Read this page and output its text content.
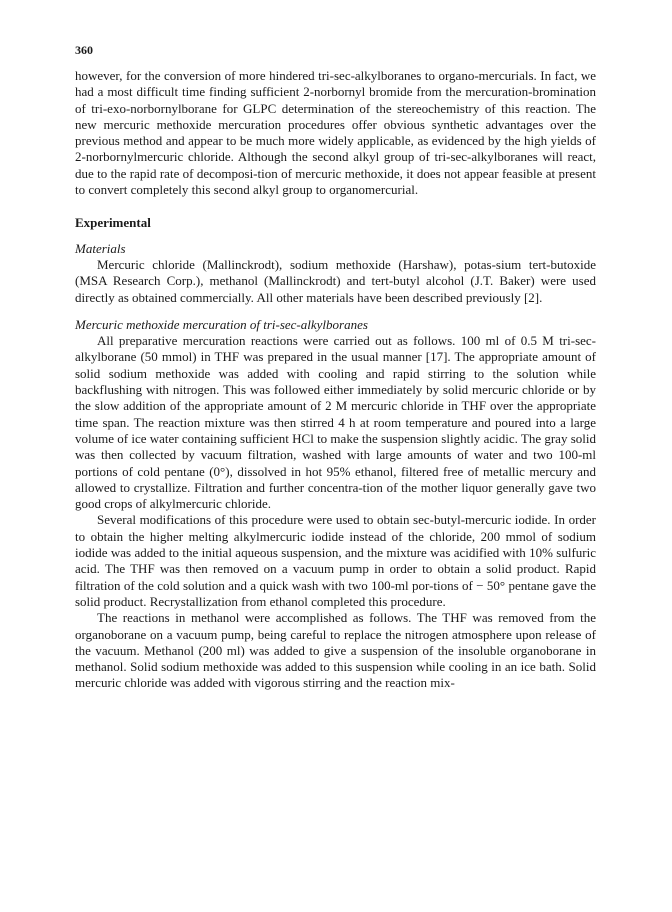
360

however, for the conversion of more hindered tri-sec-alkylboranes to organo-mercurials. In fact, we had a most difficult time finding sufficient 2-norbornyl bromide from the mercuration-bromination of tri-exo-norbornylborane for GLPC determination of the stereochemistry of this reaction. The new mercuric methoxide mercuration procedures offer obvious synthetic advantages over the previous method and appear to be much more widely applicable, as evidenced by the high yields of 2-norbornylmercuric chloride. Although the second alkyl group of tri-sec-alkylboranes will react, due to the rapid rate of decomposi-tion of mercuric methoxide, it does not appear feasible at present to convert completely this second alkyl group to organomercurial.

Experimental

Materials

Mercuric chloride (Mallinckrodt), sodium methoxide (Harshaw), potas-sium tert-butoxide (MSA Research Corp.), methanol (Mallinckrodt) and tert-butyl alcohol (J.T. Baker) were used directly as obtained commercially. All other materials have been described previously [2].

Mercuric methoxide mercuration of tri-sec-alkylboranes

All preparative mercuration reactions were carried out as follows. 100 ml of 0.5 M tri-sec-alkylborane (50 mmol) in THF was prepared in the usual manner [17]. The appropriate amount of solid sodium methoxide was added with cooling and rapid stirring to the solution while backflushing with nitrogen. This was followed either immediately by solid mercuric chloride or by the slow addition of the appropriate amount of 2 M mercuric chloride in THF over the appropriate time span. The reaction mixture was then stirred 4 h at room temperature and poured into a large volume of ice water containing sufficient HCl to make the suspension slightly acidic. The gray solid was then collected by vacuum filtration, washed with large amounts of water and two 100-ml portions of cold pentane (0°), dissolved in hot 95% ethanol, filtered free of metallic mercury and allowed to crystallize. Filtration and further concentra-tion of the mother liquor generally gave two good crops of alkylmercuric chloride.

Several modifications of this procedure were used to obtain sec-butyl-mercuric iodide. In order to obtain the higher melting alkylmercuric iodide instead of the chloride, 200 mmol of sodium iodide was added to the initial aqueous suspension, and the mixture was acidified with 10% sulfuric acid. The THF was then removed on a vacuum pump in order to obtain a solid product. Rapid filtration of the cold solution and a quick wash with two 100-ml por-tions of − 50° pentane gave the solid product. Recrystallization from ethanol completed this procedure.

The reactions in methanol were accomplished as follows. The THF was removed from the organoborane on a vacuum pump, being careful to replace the nitrogen atmosphere upon release of the vacuum. Methanol (200 ml) was added to give a suspension of the insoluble organoborane in methanol. Solid sodium methoxide was added to this suspension while cooling in an ice bath. Solid mercuric chloride was added with vigorous stirring and the reaction mix-
